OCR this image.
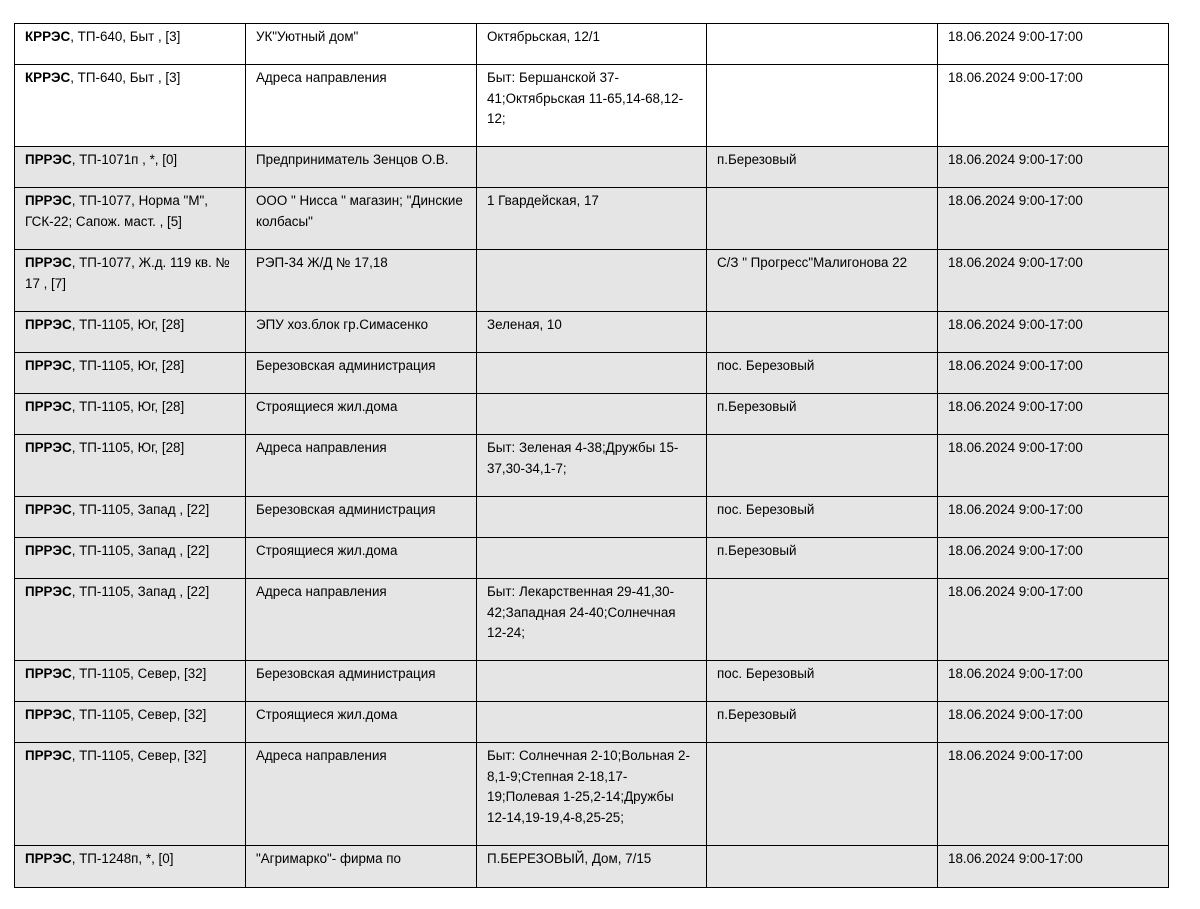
КРРЭС, ТП-640, Быт , [3]	УК"Уютный дом"	Октябрьская, 12/1		18.06.2024 9:00-17:00
КРРЭС, ТП-640, Быт , [3]	Адреса направления	Быт: Бершанской 37-41;Октябрьская 11-65,14-68,12-12;		18.06.2024 9:00-17:00
ПРРЭС, ТП-1071п , *, [0]	Предприниматель Зенцов О.В.		п.Березовый	18.06.2024 9:00-17:00
ПРРЭС, ТП-1077, Норма "М", ГСК-22; Сапож. маст. , [5]	ООО " Нисса " магазин; "Динские колбасы"	1 Гвардейская, 17		18.06.2024 9:00-17:00
ПРРЭС, ТП-1077, Ж.д. 119 кв. № 17 , [7]	РЭП-34 Ж/Д № 17,18		С/З " Прогресс"Малигонова 22	18.06.2024 9:00-17:00
ПРРЭС, ТП-1105, Юг, [28]	ЭПУ хоз.блок гр.Симасенко	Зеленая, 10		18.06.2024 9:00-17:00
ПРРЭС, ТП-1105, Юг, [28]	Березовская администрация		пос. Березовый	18.06.2024 9:00-17:00
ПРРЭС, ТП-1105, Юг, [28]	Строящиеся жил.дома		п.Березовый	18.06.2024 9:00-17:00
ПРРЭС, ТП-1105, Юг, [28]	Адреса направления	Быт: Зеленая 4-38;Дружбы 15-37,30-34,1-7;		18.06.2024 9:00-17:00
ПРРЭС, ТП-1105, Запад , [22]	Березовская администрация		пос. Березовый	18.06.2024 9:00-17:00
ПРРЭС, ТП-1105, Запад , [22]	Строящиеся жил.дома		п.Березовый	18.06.2024 9:00-17:00
ПРРЭС, ТП-1105, Запад , [22]	Адреса направления	Быт: Лекарственная 29-41,30-42;Западная 24-40;Солнечная 12-24;		18.06.2024 9:00-17:00
ПРРЭС, ТП-1105, Север, [32]	Березовская администрация		пос. Березовый	18.06.2024 9:00-17:00
ПРРЭС, ТП-1105, Север, [32]	Строящиеся жил.дома		п.Березовый	18.06.2024 9:00-17:00
ПРРЭС, ТП-1105, Север, [32]	Адреса направления	Быт: Солнечная 2-10;Вольная 2-8,1-9;Степная 2-18,17-19;Полевая 1-25,2-14;Дружбы 12-14,19-19,4-8,25-25;		18.06.2024 9:00-17:00
ПРРЭС, ТП-1248п, *, [0]	"Агримарко"- фирма по	П.БЕРЕЗОВЫЙ, Дом, 7/15		18.06.2024 9:00-17:00
